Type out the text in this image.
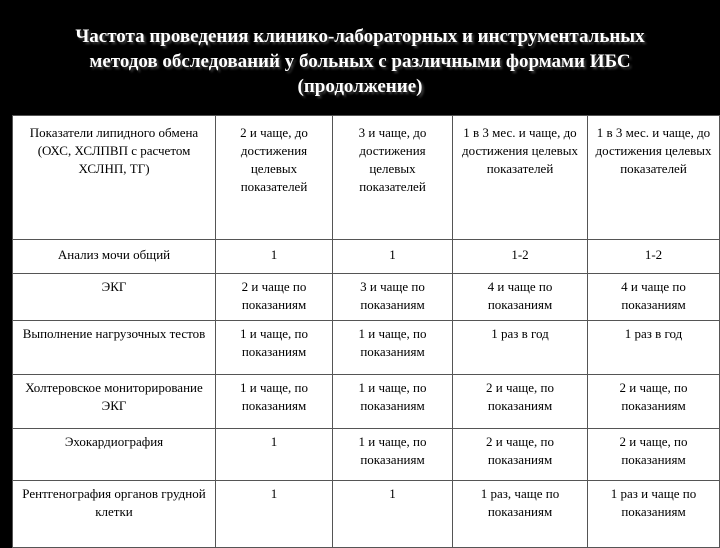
Частота проведения клинико-лабораторных и инструментальных
методов обследований у больных с различными формами ИБС
(продолжение)
Показатели липидного обмена (ОХС, ХСЛПВП с расчетом ХСЛНП, ТГ)	2 и чаще, до достижения целевых показателей	3 и чаще, до достижения целевых показателей	1 в 3 мес. и чаще, до достижения целевых показателей	1 в 3 мес. и чаще, до достижения целевых показателей
Анализ мочи общий	1	1	1-2	1-2
ЭКГ	2 и чаще по показаниям	3 и чаще по показаниям	4 и чаще по показаниям	4 и чаще по показаниям
Выполнение нагрузочных тестов	1 и чаще, по показаниям	1 и чаще, по показаниям	1 раз в год	1 раз в год
Холтеровское мониторирование ЭКГ	1 и чаще, по показаниям	1 и чаще, по показаниям	2 и чаще, по показаниям	2 и чаще, по показаниям
Эхокардиография	1	1 и чаще, по показаниям	2 и чаще, по показаниям	2 и чаще, по показаниям
Рентгенография органов грудной клетки	1	1	1 раз, чаще по показаниям	1 раз и чаще по показаниям
